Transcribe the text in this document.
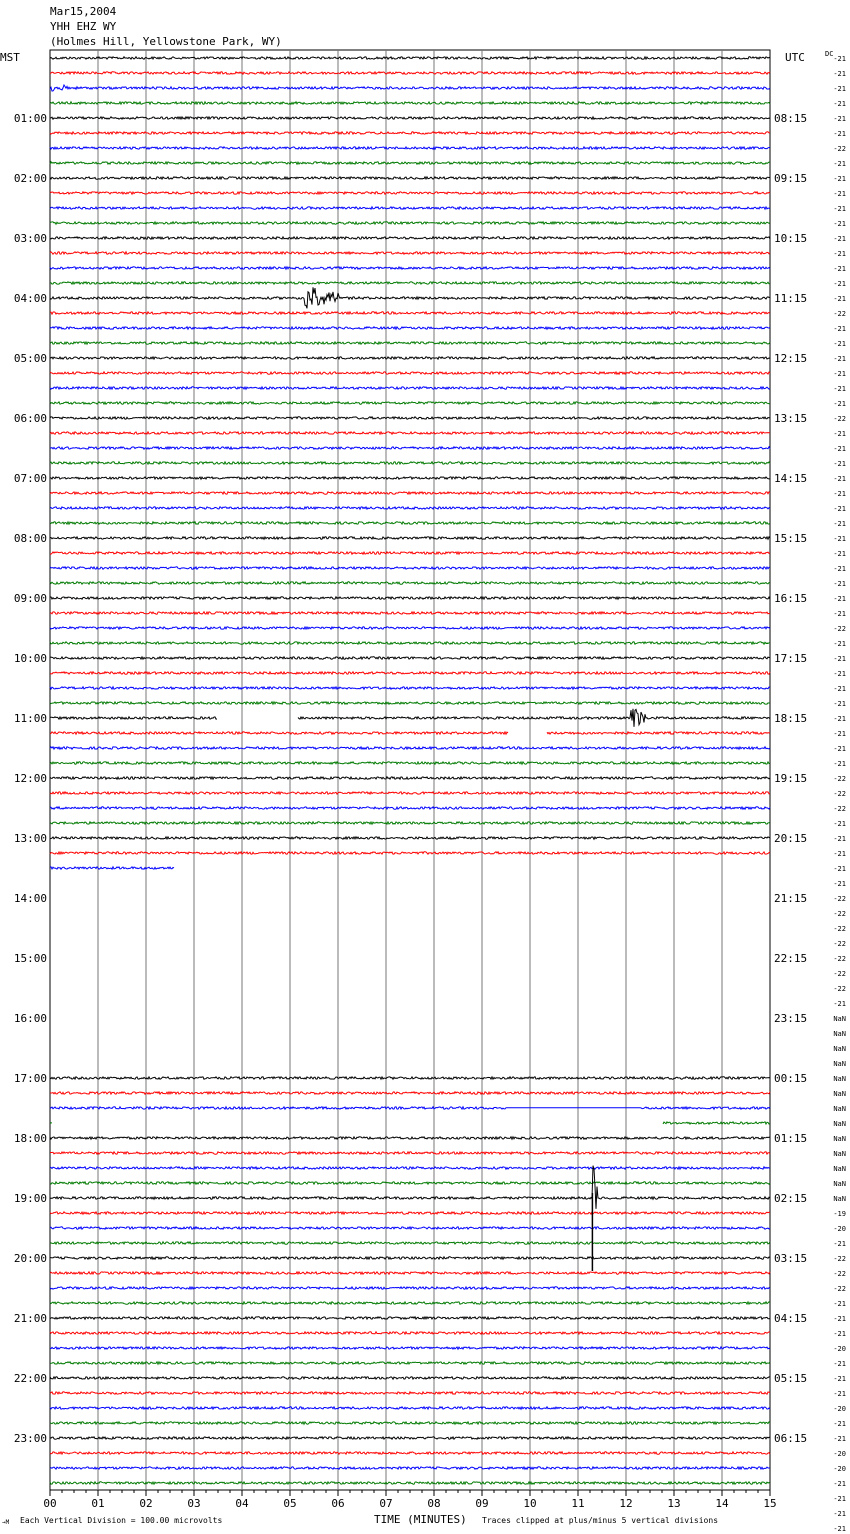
Mar15,2004
YHH EHZ WY
(Holmes Hill, Yellowstone Park, WY)
MST	UTC	DC
01:00
02:00
03:00
04:00
05:00
06:00
07:00
08:00
09:00
10:00
11:00
12:00
13:00
14:00
15:00
16:00
17:00
18:00
19:00
20:00
21:00
22:00
23:00
08:15
09:15
10:15
11:15
12:15
13:15
14:15
15:15
16:15
17:15
18:15
19:15
20:15
21:15
22:15
23:15
00:15
01:15
02:15
03:15
04:15
05:15
06:15
-21
-21
-21
-21
-21
-21
-22
-21
-21
-21
-21
-21
-21
-21
-21
-21
-21
-22
-21
-21
-21
-21
-21
-21
-22
-21
-21
-21
-21
-21
-21
-21
-21
-21
-21
-21
-21
-21
-22
-21
-21
-21
-21
-21
-21
-21
-21
-21
-22
-22
-22
-21
-21
-21
-21
-21
-22
-22
-22
-22
-22
-22
-22
-21
NaN
NaN
NaN
NaN
NaN
NaN
NaN
NaN
NaN
NaN
NaN
NaN
NaN
-19
-20
-21
-22
-22
-22
-21
-21
-21
-20
-21
-21
-21
-20
-21
-21
-20
-20
-21
-21
-21
-21
00	01	02	03	04	05	06	07	08	09	10	11	12	13	14	15
TIME (MINUTES)
Each Vertical Division = 100.00 microvolts	Traces clipped at plus/minus 5 vertical divisions
→M
